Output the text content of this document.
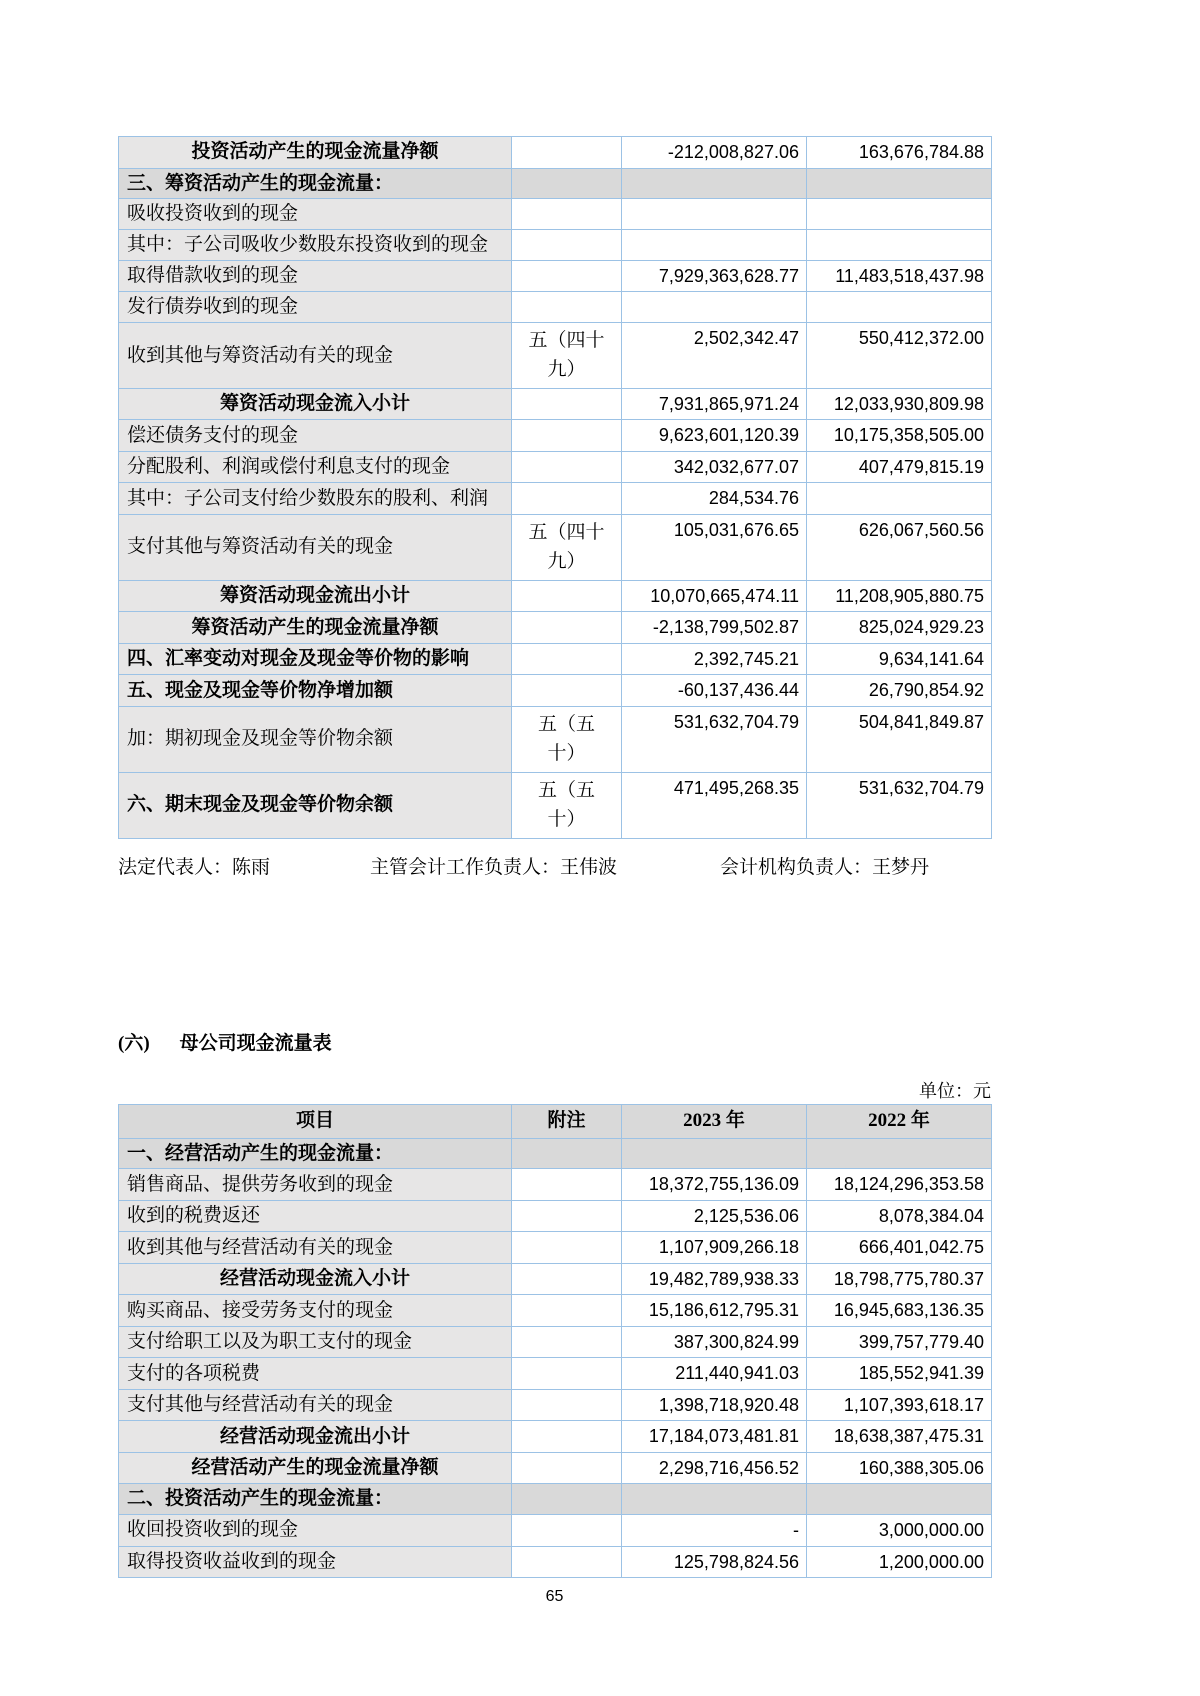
投资活动产生的现金流量净额		-212,008,827.06	163,676,784.88
三、筹资活动产生的现金流量：			
吸收投资收到的现金			
其中：子公司吸收少数股东投资收到的现金			
取得借款收到的现金		7,929,363,628.77	11,483,518,437.98
发行债券收到的现金			
收到其他与筹资活动有关的现金	五（四十九）	2,502,342.47	550,412,372.00
筹资活动现金流入小计		7,931,865,971.24	12,033,930,809.98
偿还债务支付的现金		9,623,601,120.39	10,175,358,505.00
分配股利、利润或偿付利息支付的现金		342,032,677.07	407,479,815.19
其中：子公司支付给少数股东的股利、利润		284,534.76	
支付其他与筹资活动有关的现金	五（四十九）	105,031,676.65	626,067,560.56
筹资活动现金流出小计		10,070,665,474.11	11,208,905,880.75
筹资活动产生的现金流量净额		-2,138,799,502.87	825,024,929.23
四、汇率变动对现金及现金等价物的影响		2,392,745.21	9,634,141.64
五、现金及现金等价物净增加额		-60,137,436.44	26,790,854.92
加：期初现金及现金等价物余额	五（五十）	531,632,704.79	504,841,849.87
六、期末现金及现金等价物余额	五（五十）	471,495,268.35	531,632,704.79
法定代表人：陈雨	主管会计工作负责人：王伟波	会计机构负责人：王梦丹
(六) 母公司现金流量表
单位：元
项目	附注	2023 年	2022 年
一、经营活动产生的现金流量：			
销售商品、提供劳务收到的现金		18,372,755,136.09	18,124,296,353.58
收到的税费返还		2,125,536.06	8,078,384.04
收到其他与经营活动有关的现金		1,107,909,266.18	666,401,042.75
经营活动现金流入小计		19,482,789,938.33	18,798,775,780.37
购买商品、接受劳务支付的现金		15,186,612,795.31	16,945,683,136.35
支付给职工以及为职工支付的现金		387,300,824.99	399,757,779.40
支付的各项税费		211,440,941.03	185,552,941.39
支付其他与经营活动有关的现金		1,398,718,920.48	1,107,393,618.17
经营活动现金流出小计		17,184,073,481.81	18,638,387,475.31
经营活动产生的现金流量净额		2,298,716,456.52	160,388,305.06
二、投资活动产生的现金流量：			
收回投资收到的现金		-	3,000,000.00
取得投资收益收到的现金		125,798,824.56	1,200,000.00
65
